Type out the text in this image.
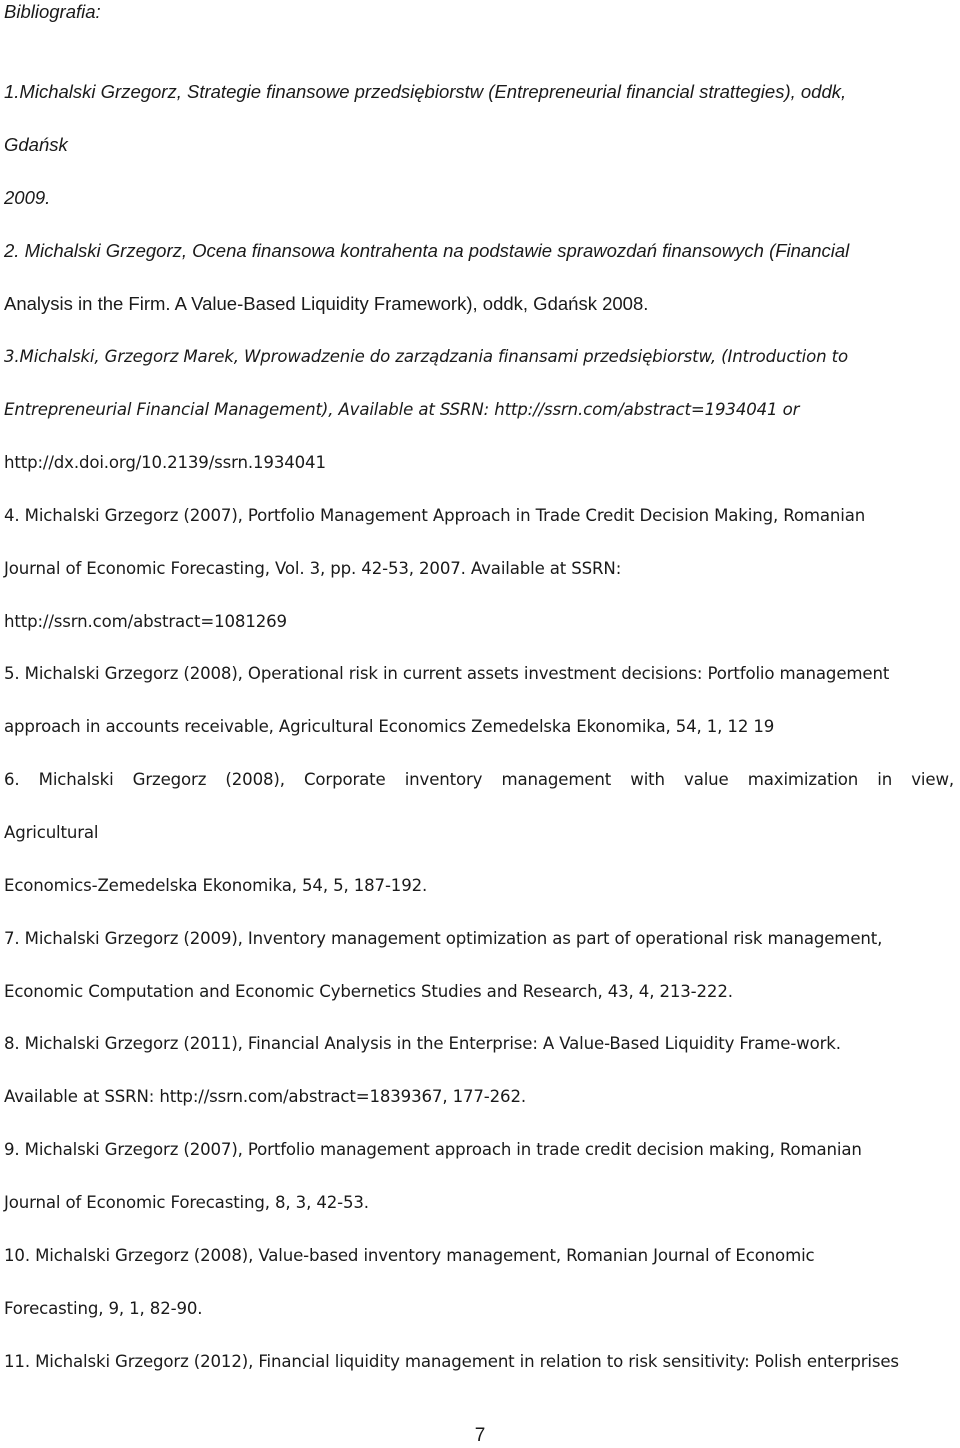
Bibliografia:
1.Michalski Grzegorz, Strategie finansowe przedsiębiorstw (Entrepreneurial financial strattegies), oddk,
Gdańsk
2009.
2. Michalski Grzegorz, Ocena finansowa kontrahenta na podstawie sprawozdań finansowych (Financial
Analysis in the Firm. A Value-Based Liquidity Framework), oddk, Gdańsk 2008.
3.Michalski, Grzegorz Marek, Wprowadzenie do zarządzania finansami przedsiębiorstw, (Introduction to
Entrepreneurial Financial Management), Available at SSRN: http://ssrn.com/abstract=1934041 or
http://dx.doi.org/10.2139/ssrn.1934041
4. Michalski Grzegorz (2007), Portfolio Management Approach in Trade Credit Decision Making, Romanian
Journal of Economic Forecasting, Vol. 3, pp. 42-53, 2007. Available at SSRN:
http://ssrn.com/abstract=1081269
5. Michalski Grzegorz (2008), Operational risk in current assets investment decisions: Portfolio management
approach in accounts receivable, Agricultural Economics Zemedelska Ekonomika, 54, 1, 12 19
6. Michalski Grzegorz (2008), Corporate inventory management with value maximization in view,
Agricultural
Economics-Zemedelska Ekonomika, 54, 5, 187-192.
7. Michalski Grzegorz (2009), Inventory management optimization as part of operational risk management,
Economic Computation and Economic Cybernetics Studies and Research, 43, 4, 213-222.
8. Michalski Grzegorz (2011), Financial Analysis in the Enterprise: A Value-Based Liquidity Frame-work.
Available at SSRN: http://ssrn.com/abstract=1839367, 177-262.
9. Michalski Grzegorz (2007), Portfolio management approach in trade credit decision making, Romanian
Journal of Economic Forecasting, 8, 3, 42-53.
10. Michalski Grzegorz (2008), Value-based inventory management, Romanian Journal of Economic
Forecasting, 9, 1, 82-90.
11. Michalski Grzegorz (2012), Financial liquidity management in relation to risk sensitivity: Polish enterprises
7
